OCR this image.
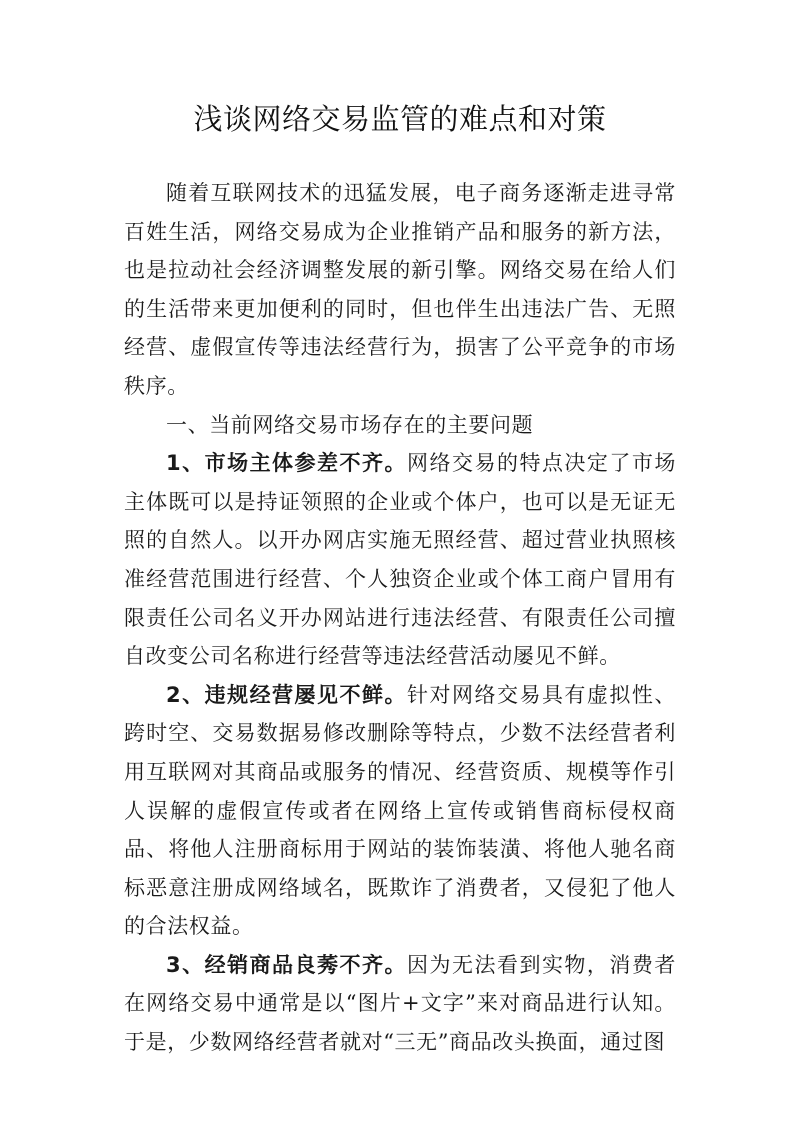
浅谈网络交易监管的难点和对策

随着互联网技术的迅猛发展，电子商务逐渐走进寻常百姓生活，网络交易成为企业推销产品和服务的新方法，也是拉动社会经济调整发展的新引擎。网络交易在给人们的生活带来更加便利的同时，但也伴生出违法广告、无照经营、虚假宣传等违法经营行为，损害了公平竞争的市场秩序。

一、当前网络交易市场存在的主要问题

1、市场主体参差不齐。网络交易的特点决定了市场主体既可以是持证领照的企业或个体户，也可以是无证无照的自然人。以开办网店实施无照经营、超过营业执照核准经营范围进行经营、个人独资企业或个体工商户冒用有限责任公司名义开办网站进行违法经营、有限责任公司擅自改变公司名称进行经营等违法经营活动屡见不鲜。

2、违规经营屡见不鲜。针对网络交易具有虚拟性、跨时空、交易数据易修改删除等特点，少数不法经营者利用互联网对其商品或服务的情况、经营资质、规模等作引人误解的虚假宣传或者在网络上宣传或销售商标侵权商品、将他人注册商标用于网站的装饰装潢、将他人驰名商标恶意注册成网络域名，既欺诈了消费者，又侵犯了他人的合法权益。

3、经销商品良莠不齐。因为无法看到实物，消费者在网络交易中通常是以“图片+文字”来对商品进行认知。于是，少数网络经营者就对“三无”商品改头换面，通过图
